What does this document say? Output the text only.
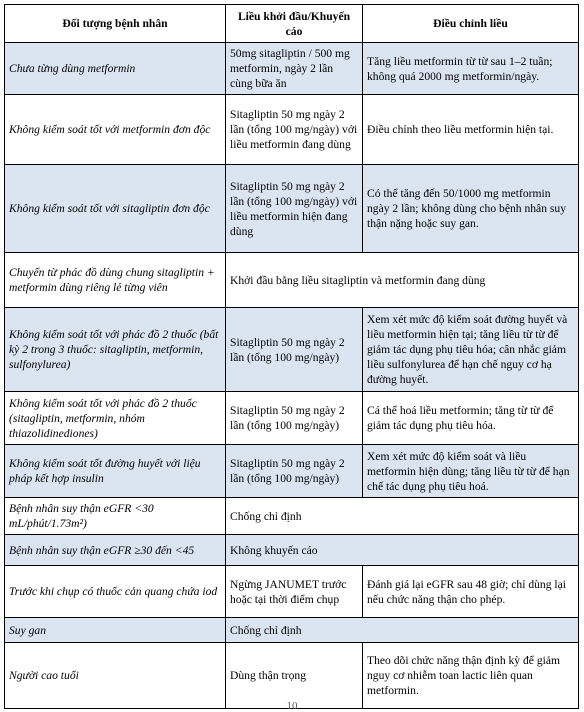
Đối tượng bệnh nhân	Liều khởi đầu/Khuyến cáo	Điều chỉnh liều
Chưa từng dùng metformin	50mg sitagliptin / 500 mg metformin, ngày 2 lần cùng bữa ăn	Tăng liều metformin từ từ sau 1–2 tuần; không quá 2000 mg metformin/ngày.
Không kiểm soát tốt với metformin đơn độc	Sitagliptin 50 mg ngày 2 lần (tổng 100 mg/ngày) với liều metformin đang dùng	Điều chỉnh theo liều metformin hiện tại.
Không kiểm soát tốt với sitagliptin đơn độc	Sitagliptin 50 mg ngày 2 lần (tổng 100 mg/ngày) với liều metformin hiện đang dùng	Có thể tăng đến 50/1000 mg metformin ngày 2 lần; không dùng cho bệnh nhân suy thận nặng hoặc suy gan.
Chuyển từ phác đồ dùng chung sitagliptin + metformin dùng riêng lẻ từng viên	Khởi đầu bằng liều sitagliptin và metformin đang dùng	
Không kiểm soát tốt với phác đồ 2 thuốc (bất kỳ 2 trong 3 thuốc: sitagliptin, metformin, sulfonylurea)	Sitagliptin 50 mg ngày 2 lần (tổng 100 mg/ngày)	Xem xét mức độ kiểm soát đường huyết và liều metformin hiện tại; tăng liều từ từ để giảm tác dụng phụ tiêu hóa; cân nhắc giảm liều sulfonylurea để hạn chế nguy cơ hạ đường huyết.
Không kiểm soát tốt với phác đồ 2 thuốc (sitagliptin, metformin, nhóm thiazolidinediones)	Sitagliptin 50 mg ngày 2 lần (tổng 100 mg/ngày)	Cá thể hoá liều metformin; tăng từ từ để giảm tác dụng phụ tiêu hóa.
Không kiểm soát tốt đường huyết với liệu pháp kết hợp insulin	Sitagliptin 50 mg ngày 2 lần (tổng 100 mg/ngày)	Xem xét mức độ kiểm soát và liều metformin hiện dùng; tăng liều từ từ để hạn chế tác dụng phụ tiêu hoá.
Bệnh nhân suy thận eGFR <30 mL/phút/1.73m²)	Chống chỉ định	
Bệnh nhân suy thận eGFR ≥30 đến <45	Không khuyến cáo	
Trước khi chụp có thuốc cản quang chứa iod	Ngừng JANUMET trước hoặc tại thời điểm chụp	Đánh giá lại eGFR sau 48 giờ; chỉ dùng lại nếu chức năng thận cho phép.
Suy gan	Chống chỉ định	
Người cao tuổi	Dùng thận trọng	Theo dõi chức năng thận định kỳ để giảm nguy cơ nhiễm toan lactic liên quan metformin.
10
